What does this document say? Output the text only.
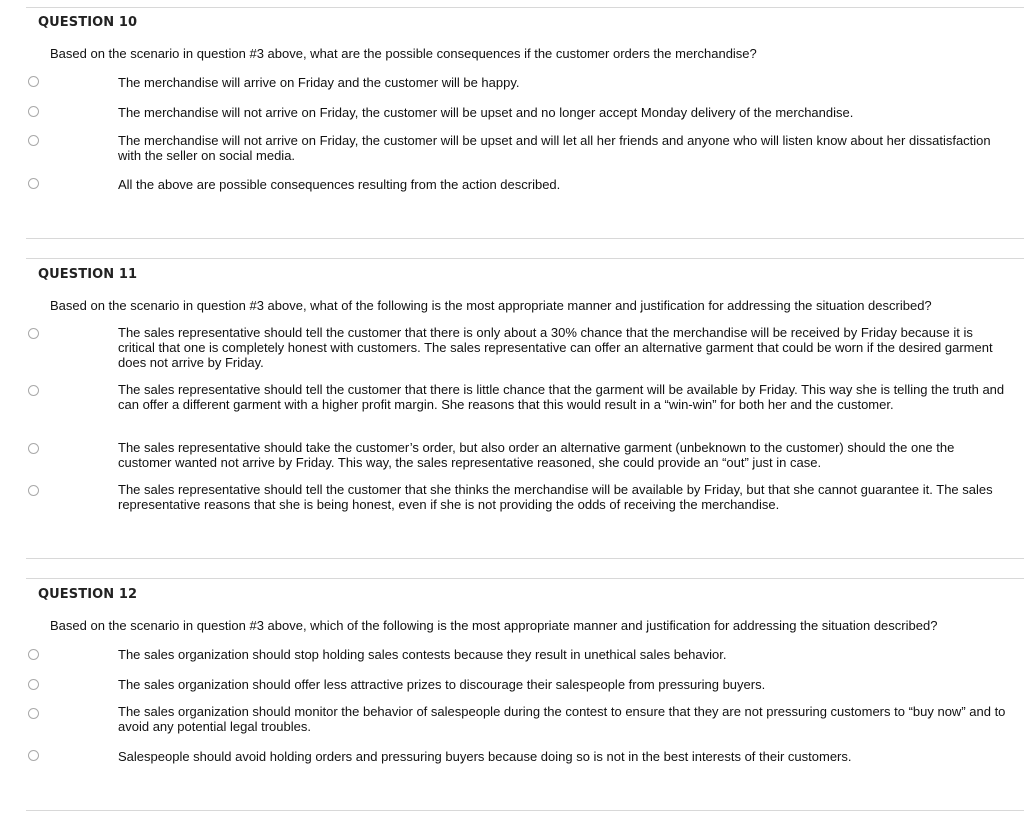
QUESTION 10
Based on the scenario in question #3 above, what are the possible consequences if the customer orders the merchandise?
The merchandise will arrive on Friday and the customer will be happy.
The merchandise will not arrive on Friday, the customer will be upset and no longer accept Monday delivery of the merchandise.
The merchandise will not arrive on Friday, the customer will be upset and will let all her friends and anyone who will listen know about her dissatisfaction with the seller on social media.
All the above are possible consequences resulting from the action described.
QUESTION 11
Based on the scenario in question #3 above, what of the following is the most appropriate manner and justification for addressing the situation described?
The sales representative should tell the customer that there is only about a 30% chance that the merchandise will be received by Friday because it is critical that one is completely honest with customers. The sales representative can offer an alternative garment that could be worn if the desired garment does not arrive by Friday.
The sales representative should tell the customer that there is little chance that the garment will be available by Friday. This way she is telling the truth and can offer a different garment with a higher profit margin. She reasons that this would result in a “win-win” for both her and the customer.
The sales representative should take the customer’s order, but also order an alternative garment (unbeknown to the customer) should the one the customer wanted not arrive by Friday. This way, the sales representative reasoned, she could provide an “out” just in case.
The sales representative should tell the customer that she thinks the merchandise will be available by Friday, but that she cannot guarantee it. The sales representative reasons that she is being honest, even if she is not providing the odds of receiving the merchandise.
QUESTION 12
Based on the scenario in question #3 above, which of the following is the most appropriate manner and justification for addressing the situation described?
The sales organization should stop holding sales contests because they result in unethical sales behavior.
The sales organization should offer less attractive prizes to discourage their salespeople from pressuring buyers.
The sales organization should monitor the behavior of salespeople during the contest to ensure that they are not pressuring customers to “buy now” and to avoid any potential legal troubles.
Salespeople should avoid holding orders and pressuring buyers because doing so is not in the best interests of their customers.
